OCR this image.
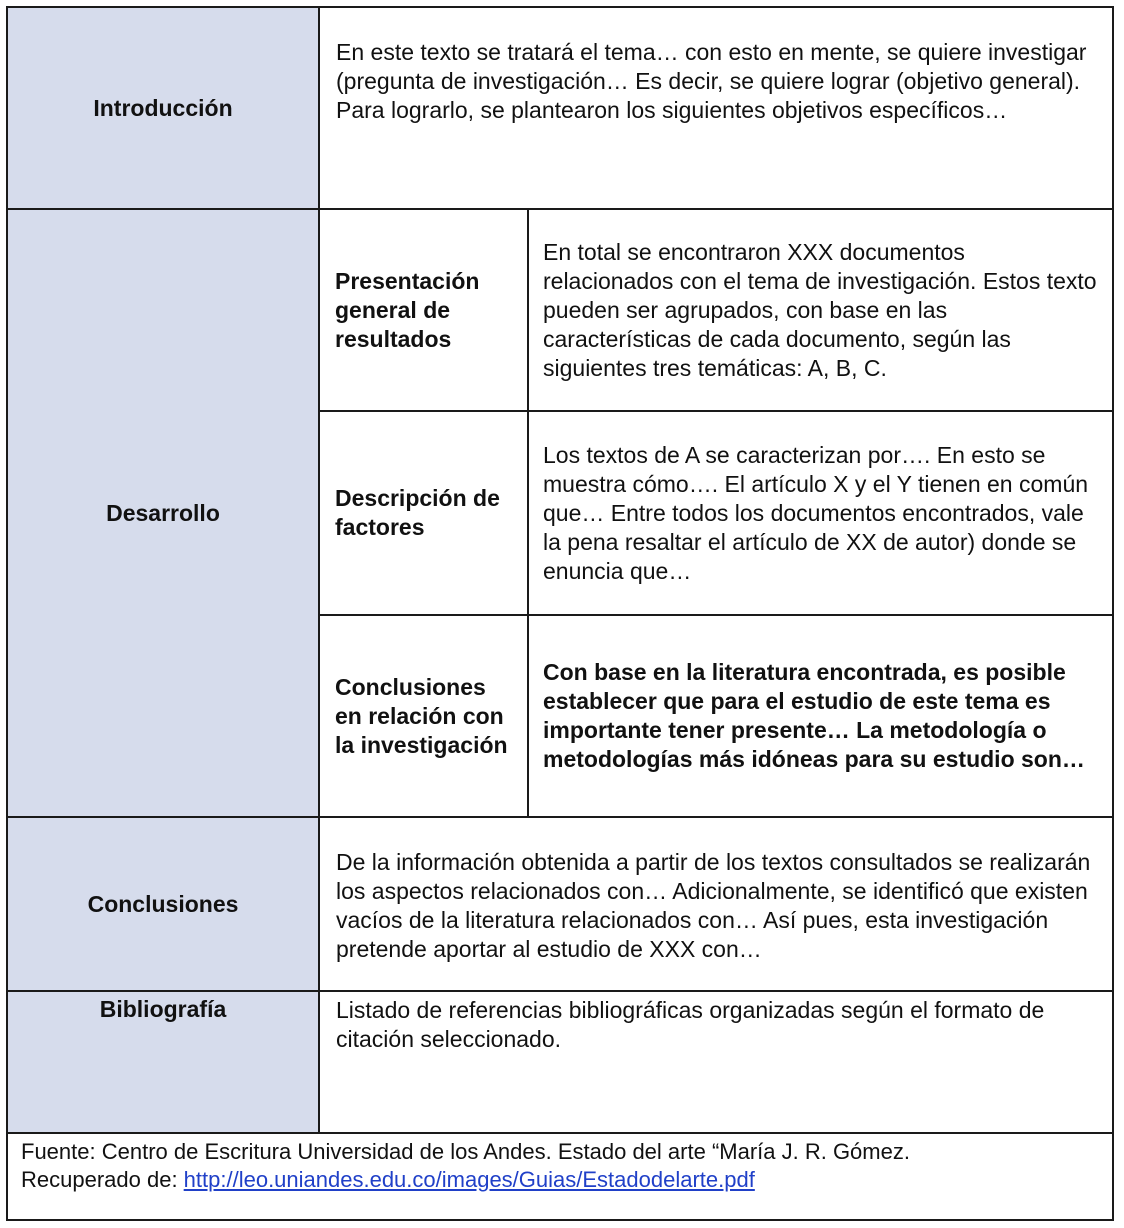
Introducción
En este texto se tratará el tema… con esto en mente, se quiere investigar (pregunta de investigación… Es decir, se quiere lograr (objetivo general). Para lograrlo, se plantearon los siguientes objetivos específicos…
Desarrollo
Presentación general de resultados
En total se encontraron XXX documentos relacionados con el tema de investigación. Estos texto pueden ser agrupados, con base en las características de cada documento, según las siguientes tres temáticas: A, B, C.
Descripción de factores
Los textos de A se caracterizan por…. En esto se muestra cómo…. El artículo X y el Y tienen en común que… Entre todos los documentos encontrados, vale la pena resaltar el artículo de XX de autor) donde se enuncia que…
Conclusiones en relación con la investigación
Con base en la literatura encontrada, es posible establecer que para el estudio de este tema es importante tener presente… La metodología o metodologías más idóneas para su estudio son…
Conclusiones
De la información obtenida a partir de los textos consultados se realizarán los aspectos relacionados con… Adicionalmente, se identificó que existen vacíos de la literatura relacionados con… Así pues, esta investigación pretende aportar al estudio de XXX con…
Bibliografía	Listado de referencias bibliográficas organizadas según el formato de citación seleccionado.
Fuente: Centro de Escritura Universidad de los Andes. Estado del arte “María J. R. Gómez.
Recuperado de: http://leo.uniandes.edu.co/images/Guias/Estadodelarte.pdf
